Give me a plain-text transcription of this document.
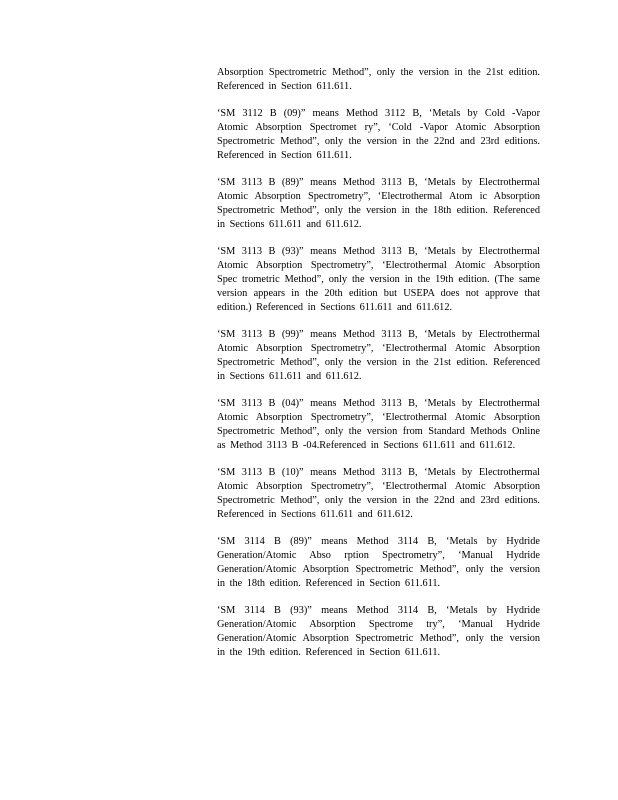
Absorption Spectrometric Method”, only the version in the 21st edition. Referenced in Section 611.611.

‘SM 3112 B (09)” means Method 3112 B, ‘Metals by Cold -Vapor Atomic Absorption Spectromet ry”, ‘Cold -Vapor Atomic Absorption Spectrometric Method”, only the version in the 22nd and 23rd editions. Referenced in Section 611.611.

‘SM 3113 B (89)” means Method 3113 B, ‘Metals by Electrothermal Atomic Absorption Spectrometry”, ‘Electrothermal Atom ic Absorption Spectrometric Method”, only the version in the 18th edition. Referenced in Sections 611.611 and 611.612.

‘SM 3113 B (93)” means Method 3113 B, ‘Metals by Electrothermal Atomic Absorption Spectrometry”, ‘Electrothermal Atomic Absorption Spec trometric Method”, only the version in the 19th edition. (The same version appears in the 20th edition but USEPA does not approve that edition.) Referenced in Sections 611.611 and 611.612.

‘SM 3113 B (99)” means Method 3113 B, ‘Metals by Electrothermal Atomic Absorption Spectrometry”, ‘Electrothermal Atomic Absorption Spectrometric Method”, only the version in the 21st edition. Referenced in Sections 611.611 and 611.612.

‘SM 3113 B (04)” means Method 3113 B, ‘Metals by Electrothermal Atomic Absorption Spectrometry”, ‘Electrothermal Atomic Absorption Spectrometric Method”, only the version from Standard Methods Online as Method 3113 B -04.Referenced in Sections 611.611 and 611.612.

‘SM 3113 B (10)” means Method 3113 B, ‘Metals by Electrothermal Atomic Absorption Spectrometry”, ‘Electrothermal Atomic Absorption Spectrometric Method”, only the version in the 22nd and 23rd editions. Referenced in Sections 611.611 and 611.612.

‘SM 3114 B (89)” means Method 3114 B, ‘Metals by Hydride Generation/Atomic Abso rption Spectrometry”, ‘Manual Hydride Generation/Atomic Absorption Spectrometric Method”, only the version in the 18th edition. Referenced in Section 611.611.

‘SM 3114 B (93)” means Method 3114 B, ‘Metals by Hydride Generation/Atomic Absorption Spectrome try”, ‘Manual Hydride Generation/Atomic Absorption Spectrometric Method”, only the version in the 19th edition. Referenced in Section 611.611.
